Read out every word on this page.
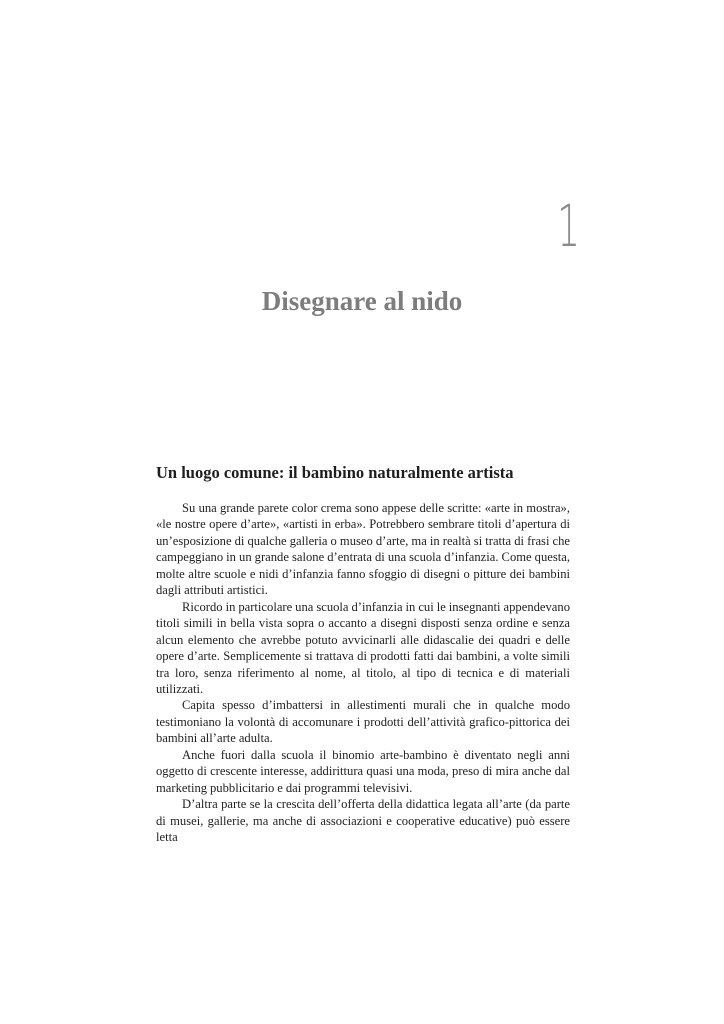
1
Disegnare al nido
Un luogo comune: il bambino naturalmente artista

Su una grande parete color crema sono appese delle scritte: «arte in mostra», «le nostre opere d’arte», «artisti in erba». Potrebbero sembrare titoli d’apertura di un’esposizione di qualche galleria o museo d’arte, ma in realtà si tratta di frasi che campeggiano in un grande salone d’entrata di una scuola d’infanzia. Come questa, molte altre scuole e nidi d’infanzia fanno sfoggio di disegni o pitture dei bambini dagli attributi artistici.

Ricordo in particolare una scuola d’infanzia in cui le insegnanti appendevano titoli simili in bella vista sopra o accanto a disegni disposti senza ordine e senza alcun elemento che avrebbe potuto avvicinarli alle didascalie dei quadri e delle opere d’arte. Semplicemente si trattava di prodotti fatti dai bambini, a volte simili tra loro, senza riferimento al nome, al titolo, al tipo di tecnica e di materiali utilizzati.

Capita spesso d’imbattersi in allestimenti murali che in qualche modo testimoniano la volontà di accomunare i prodotti dell’attività grafico-pittorica dei bambini all’arte adulta.

Anche fuori dalla scuola il binomio arte-bambino è diventato negli anni oggetto di crescente interesse, addirittura quasi una moda, preso di mira anche dal marketing pubblicitario e dai programmi televisivi.

D’altra parte se la crescita dell’offerta della didattica legata all’arte (da parte di musei, gallerie, ma anche di associazioni e cooperative educative) può essere letta
